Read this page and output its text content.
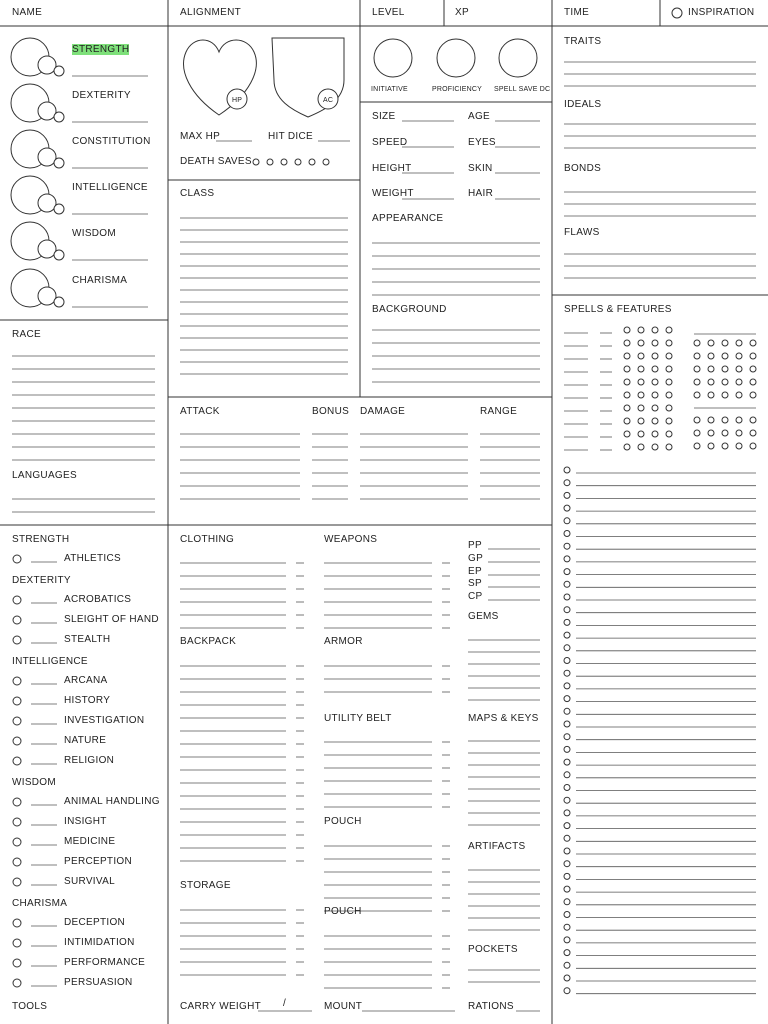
NAME	ALIGNMENT	LEVEL	XP	TIME	INSPIRATION
STRENGTH
DEXTERITY
CONSTITUTION
INTELLIGENCE
WISDOM
CHARISMA
HP	AC
MAX HP	HIT DICE
DEATH SAVES
INITIATIVE	PROFICIENCY SPELL SAVE DC
SIZE	AGE
SPEED	EYES
HEIGHT	SKIN
WEIGHT	HAIR
APPEARANCE
BACKGROUND
TRAITS
IDEALS
BONDS
FLAWS
SPELLS & FEATURES
CLASS
RACE
LANGUAGES
ATTACK	BONUS DAMAGE	RANGE
STRENGTH
ATHLETICS
DEXTERITY
ACROBATICS
SLEIGHT OF HAND
STEALTH
INTELLIGENCE
ARCANA
HISTORY
INVESTIGATION
NATURE
RELIGION
WISDOM
ANIMAL HANDLING
INSIGHT
MEDICINE
PERCEPTION
SURVIVAL
CHARISMA
DECEPTION
INTIMIDATION
PERFORMANCE
PERSUASION
TOOLS
CLOTHING	WEAPONS
BACKPACK	ARMOR
UTILITY BELT
POUCH
STORAGE
POUCH
CARRY WEIGHT /	MOUNT	RATIONS
PP
GP
EP
SP
CP
GEMS
MAPS & KEYS
ARTIFACTS
POCKETS
